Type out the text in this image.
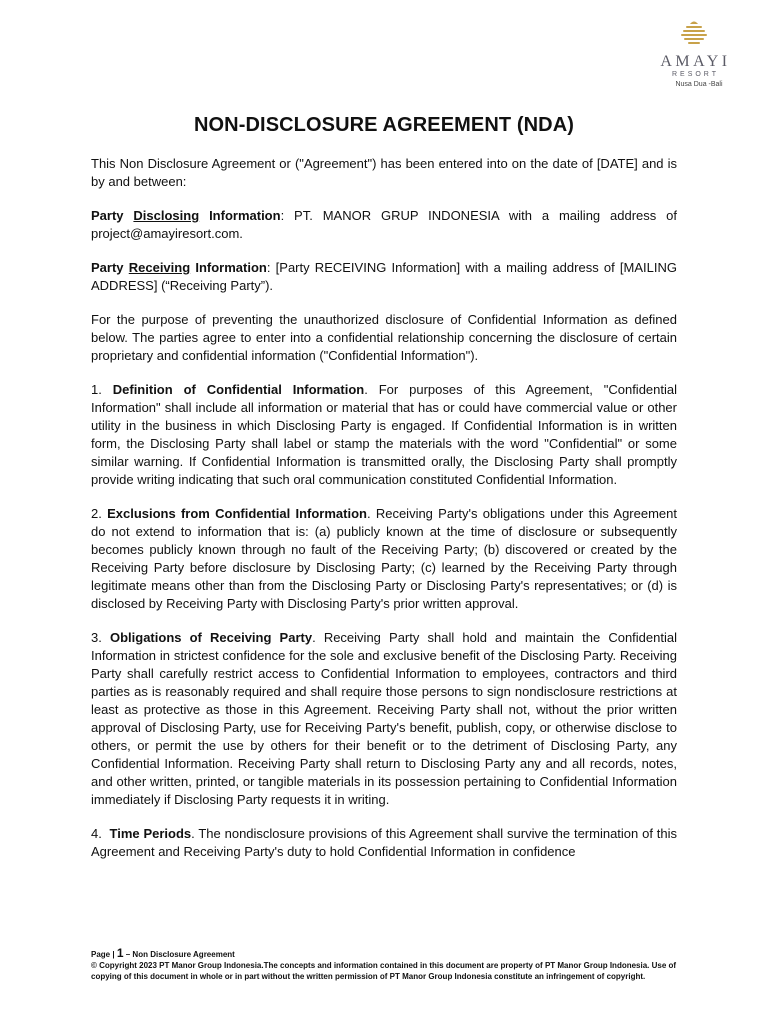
AMAYI
RESORT
Nusa Dua -Bali
NON-DISCLOSURE AGREEMENT (NDA)

This Non Disclosure Agreement or ("Agreement") has been entered into on the date of [DATE] and is by and between:

Party Disclosing Information: PT. MANOR GRUP INDONESIA with a mailing address of project@amayiresort.com.

Party Receiving Information: [Party RECEIVING Information] with a mailing address of [MAILING ADDRESS] (“Receiving Party”).

For the purpose of preventing the unauthorized disclosure of Confidential Information as defined below. The parties agree to enter into a confidential relationship concerning the disclosure of certain proprietary and confidential information ("Confidential Information").

1. Definition of Confidential Information. For purposes of this Agreement, "Confidential Information" shall include all information or material that has or could have commercial value or other utility in the business in which Disclosing Party is engaged. If Confidential Information is in written form, the Disclosing Party shall label or stamp the materials with the word "Confidential" or some similar warning. If Confidential Information is transmitted orally, the Disclosing Party shall promptly provide writing indicating that such oral communication constituted Confidential Information.

2. Exclusions from Confidential Information. Receiving Party's obligations under this Agreement do not extend to information that is: (a) publicly known at the time of disclosure or subsequently becomes publicly known through no fault of the Receiving Party; (b) discovered or created by the Receiving Party before disclosure by Disclosing Party; (c) learned by the Receiving Party through legitimate means other than from the Disclosing Party or Disclosing Party's representatives; or (d) is disclosed by Receiving Party with Disclosing Party's prior written approval.

3. Obligations of Receiving Party. Receiving Party shall hold and maintain the Confidential Information in strictest confidence for the sole and exclusive benefit of the Disclosing Party. Receiving Party shall carefully restrict access to Confidential Information to employees, contractors and third parties as is reasonably required and shall require those persons to sign nondisclosure restrictions at least as protective as those in this Agreement. Receiving Party shall not, without the prior written approval of Disclosing Party, use for Receiving Party's benefit, publish, copy, or otherwise disclose to others, or permit the use by others for their benefit or to the detriment of Disclosing Party, any Confidential Information. Receiving Party shall return to Disclosing Party any and all records, notes, and other written, printed, or tangible materials in its possession pertaining to Confidential Information immediately if Disclosing Party requests it in writing.

4. Time Periods. The nondisclosure provisions of this Agreement shall survive the termination of this Agreement and Receiving Party's duty to hold Confidential Information in confidence

Page | 1 – Non Disclosure Agreement
© Copyright 2023 PT Manor Group Indonesia.The concepts and information contained in this document are property of PT Manor Group Indonesia. Use of copying of this document in whole or in part without the written permission of PT Manor Group Indonesia constitute an infringement of copyright.
